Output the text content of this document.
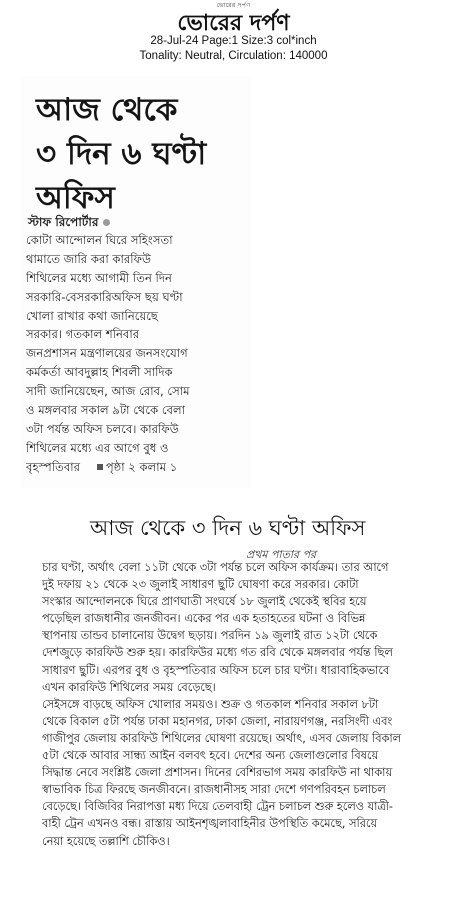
ভোরের দর্পণ
ভোরের দর্পণ
28-Jul-24 Page:1 Size:3 col*inch
Tonality: Neutral, Circulation: 140000
আজ থেকে
৩ দিন ৬ ঘণ্টা
অফিস
স্টাফ রিপোর্টার
কোটা আন্দোলন ঘিরে সহিংসতা
থামাতে জারি করা কারফিউ
শিথিলের মধ্যে আগামী তিন দিন
সরকারি-বেসরকারিঅফিস ছয় ঘণ্টা
খোলা রাখার কথা জানিয়েছে
সরকার। গতকাল শনিবার
জনপ্রশাসন মন্ত্রণালয়ের জনসংযোগ
কর্মকর্তা আবদুল্লাহ শিবলী সাদিক
সাদী জানিয়েছেন, আজ রোব, সোম
ও মঙ্গলবার সকাল ৯টা থেকে বেলা
৩টা পর্যন্ত অফিস চলবে। কারফিউ
শিথিলের মধ্যে এর আগে বুধ ও
বৃহস্পতিবার পৃষ্ঠা ২ কলাম ১
আজ থেকে ৩ দিন ৬ ঘণ্টা অফিস
প্রথম পাতার পর
চার ঘণ্টা, অর্থাৎ বেলা ১১টা থেকে ৩টা পর্যন্ত চলে অফিস কার্যক্রম। তার আগে
দুই দফায় ২১ থেকে ২৩ জুলাই সাধারণ ছুটি ঘোষণা করে সরকার। কোটা
সংস্কার আন্দোলনকে ঘিরে প্রাণঘাতী সংঘর্ষে ১৮ জুলাই থেকেই স্থবির হয়ে
পড়েছিল রাজধানীর জনজীবন। একের পর এক হতাহতের ঘটনা ও বিভিন্ন
স্থাপনায় তান্ডব চালানোয় উদ্বেগ ছড়ায়। পরদিন ১৯ জুলাই রাত ১২টা থেকে
দেশজুড়ে কারফিউ শুরু হয়। কারফিউর মধ্যে গত রবি থেকে মঙ্গলবার পর্যন্ত ছিল
সাধারণ ছুটি। এরপর বুধ ও বৃহস্পতিবার অফিস চলে চার ঘণ্টা। ধারাবাহিকভাবে
এখন কারফিউ শিথিলের সময় বেড়েছে।
সেইসঙ্গে বাড়ছে অফিস খোলার সময়ও। শুক্র ও গতকাল শনিবার সকাল ৮টা
থেকে বিকাল ৫টা পর্যন্ত ঢাকা মহানগর, ঢাকা জেলা, নারায়ণগঞ্জ, নরসিংদী এবং
গাজীপুর জেলায় কারফিউ শিথিলের ঘোষণা রয়েছে। অর্থাৎ, এসব জেলায় বিকাল
৫টা থেকে আবার সান্ধ্য আইন বলবৎ হবে। দেশের অন্য জেলাগুলোর বিষয়ে
সিদ্ধান্ত নেবে সংশ্লিষ্ট জেলা প্রশাসন। দিনের বেশিরভাগ সময় কারফিউ না থাকায়
স্বাভাবিক চিত্র ফিরছে জনজীবনে। রাজধানীসহ সারা দেশে গণপরিবহন চলাচল
বেড়েছে। বিজিবির নিরাপত্তা মধ্য দিয়ে তেলবাহী ট্রেন চলাচল শুরু হলেও যাত্রী-
বাহী ট্রেন এখনও বন্ধ। রাস্তায় আইনশৃঙ্খলাবাহিনীর উপস্থিতি কমেছে, সরিয়ে
নেয়া হয়েছে তল্লাশি চৌকিও।
